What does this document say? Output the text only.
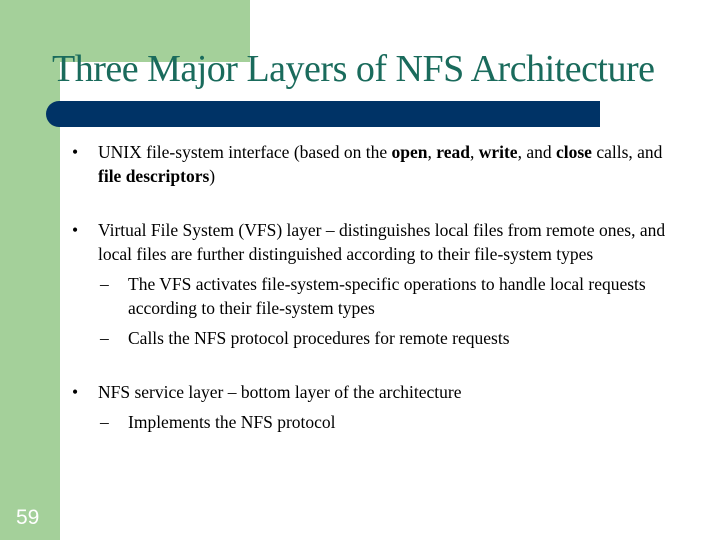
Three Major Layers of NFS Architecture
• UNIX file-system interface (based on the open, read, write, and close calls, and file descriptors)
• Virtual File System (VFS) layer – distinguishes local files from remote ones, and local files are further distinguished according to their file-system types
– The VFS activates file-system-specific operations to handle local requests according to their file-system types
– Calls the NFS protocol procedures for remote requests
• NFS service layer – bottom layer of the architecture
– Implements the NFS protocol
59
